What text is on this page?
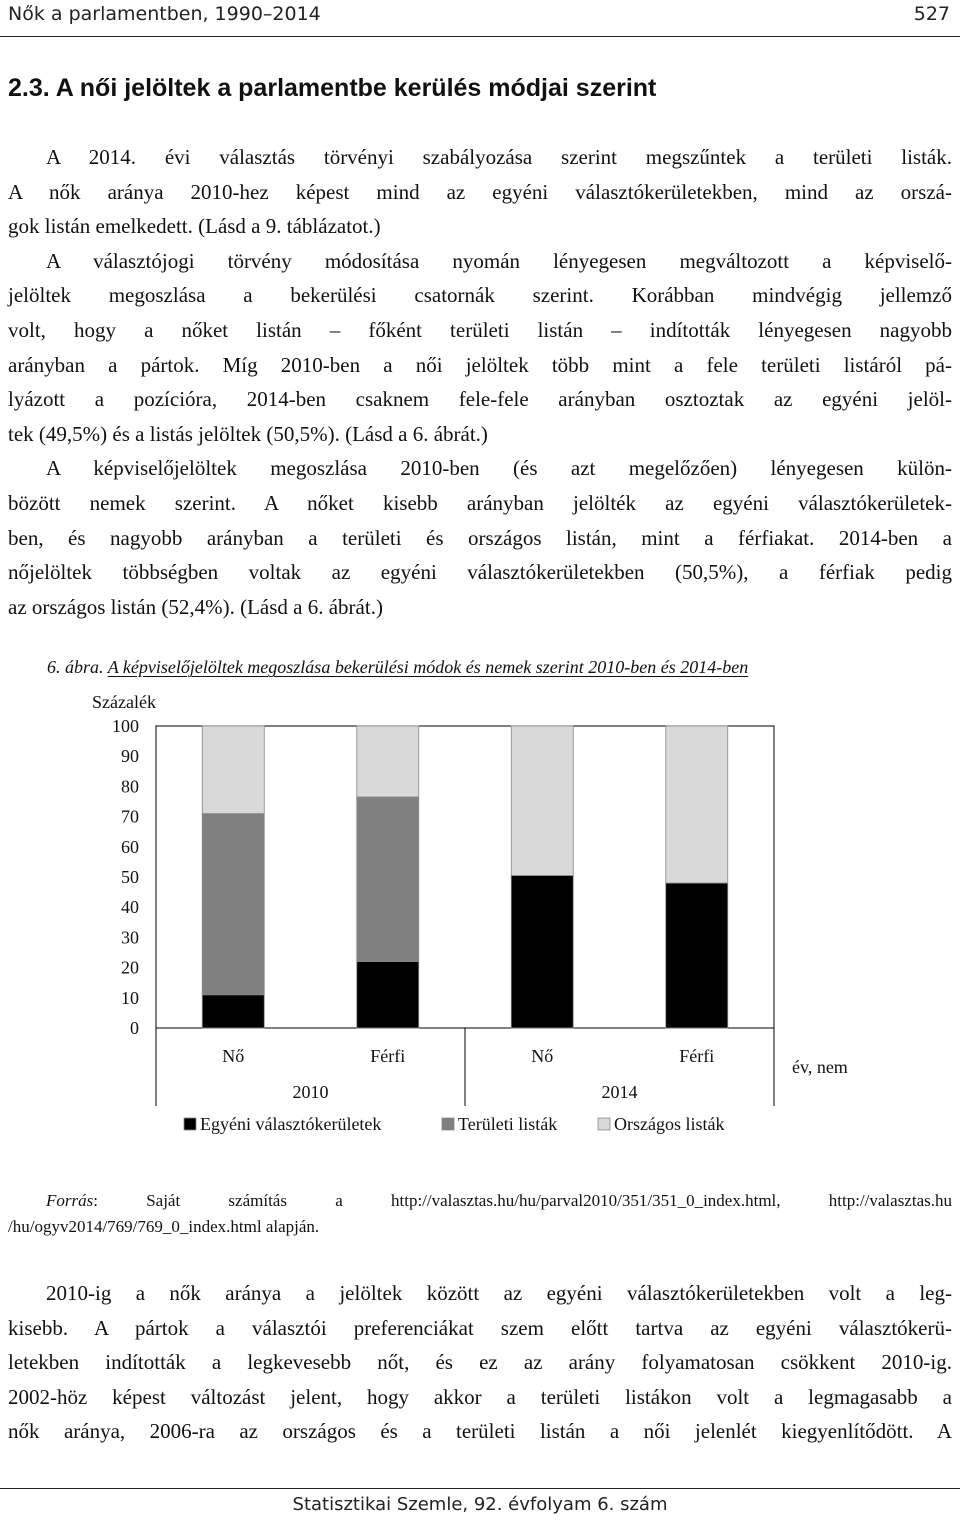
Nők a parlamentben, 1990–2014	527
2.3. A női jelöltek a parlamentbe kerülés módjai szerint
A 2014. évi választás törvényi szabályozása szerint megszűntek a területi listák.
A nők aránya 2010-hez képest mind az egyéni választókerületekben, mind az orszá-
gok listán emelkedett. (Lásd a 9. táblázatot.)
A választójogi törvény módosítása nyomán lényegesen megváltozott a képviselő-
jelöltek megoszlása a bekerülési csatornák szerint. Korábban mindvégig jellemző
volt, hogy a nőket listán – főként területi listán – indították lényegesen nagyobb
arányban a pártok. Míg 2010-ben a női jelöltek több mint a fele területi listáról pá-
lyázott a pozícióra, 2014-ben csaknem fele-fele arányban osztoztak az egyéni jelöl-
tek (49,5%) és a listás jelöltek (50,5%). (Lásd a 6. ábrát.)
A képviselőjelöltek megoszlása 2010-ben (és azt megelőzően) lényegesen külön-
bözött nemek szerint. A nőket kisebb arányban jelölték az egyéni választókerületek-
ben, és nagyobb arányban a területi és országos listán, mint a férfiakat. 2014-ben a
nőjelöltek többségben voltak az egyéni választókerületekben (50,5%), a férfiak pedig
az országos listán (52,4%). (Lásd a 6. ábrát.)
6. ábra. A képviselőjelöltek megoszlása bekerülési módok és nemek szerint 2010-ben és 2014-ben
Százalék
100
90
80
70
60
50
40
30
20
10
0
Nő	Férfi	Nő	Férfi
2010	2014
év, nem
Egyéni választókerületek	Területi listák	Országos listák
Forrás: Saját számítás a http://valasztas.hu/hu/parval2010/351/351_0_index.html, http://valasztas.hu
/hu/ogyv2014/769/769_0_index.html alapján.
2010-ig a nők aránya a jelöltek között az egyéni választókerületekben volt a leg-
kisebb. A pártok a választói preferenciákat szem előtt tartva az egyéni választókerü-
letekben indították a legkevesebb nőt, és ez az arány folyamatosan csökkent 2010-ig.
2002-höz képest változást jelent, hogy akkor a területi listákon volt a legmagasabb a
nők aránya, 2006-ra az országos és a területi listán a női jelenlét kiegyenlítődött. A
Statisztikai Szemle, 92. évfolyam 6. szám
